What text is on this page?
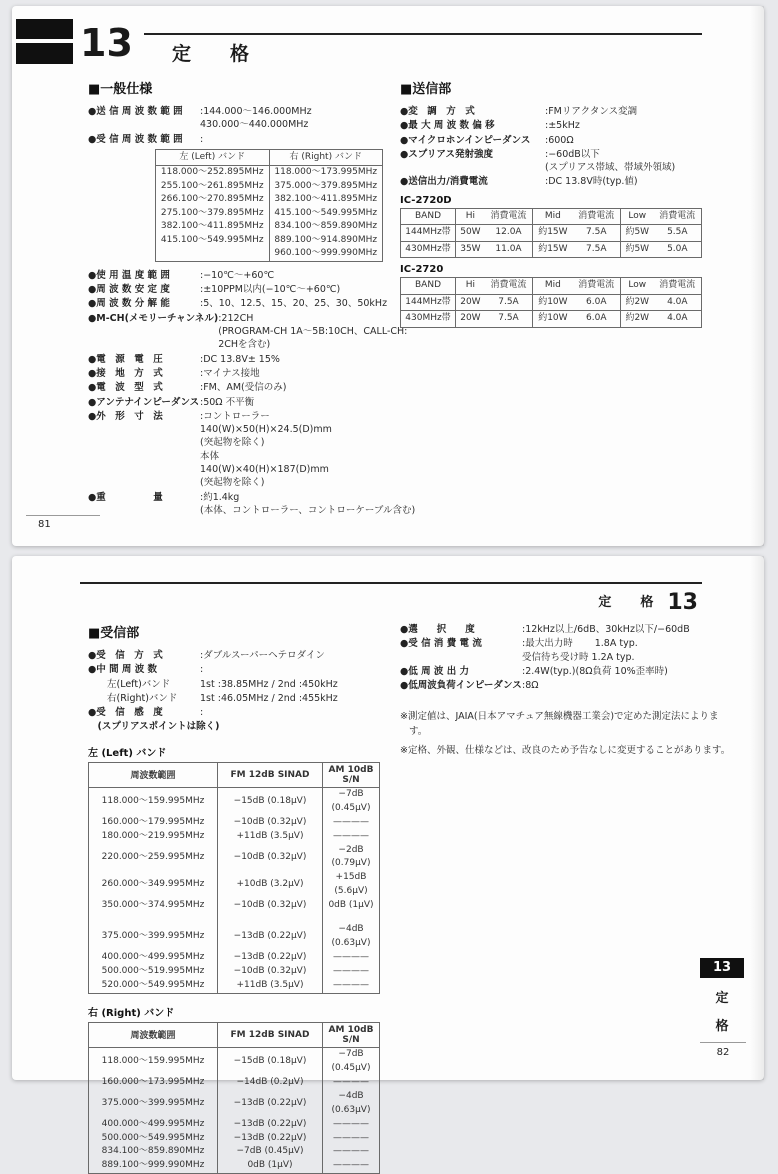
13 定　格
■一般仕様
●送 信 周 波 数 範 囲	:144.000〜146.000MHz
430.000〜440.000MHz
●受 信 周 波 数 範 囲	:
左 (Left) バンド	右 (Right) バンド
118.000〜252.895MHz	118.000〜173.995MHz
255.100〜261.895MHz	375.000〜379.895MHz
266.100〜270.895MHz	382.100〜411.895MHz
275.100〜379.895MHz	415.100〜549.995MHz
382.100〜411.895MHz	834.100〜859.890MHz
415.100〜549.995MHz	889.100〜914.890MHz
	960.100〜999.990MHz
●使 用 温 度 範 囲	:−10℃〜+60℃
●周 波 数 安 定 度	:±10PPM以内(−10℃〜+60℃)
●周 波 数 分 解 能	:5、10、12.5、15、20、25、30、50kHz
●M-CH(メモリーチャンネル) :212CH
(PROGRAM-CH 1A〜5B:10CH、CALL-CH:
2CHを含む)
●電　源　電　圧	:DC 13.8V± 15%
●接　地　方　式	:マイナス接地
●電　波　型　式	:FM、AM(受信のみ)
●アンテナインピーダンス :50Ω 不平衡
●外　形　寸　法	:コントローラー
140(W)×50(H)×24.5(D)mm
(突起物を除く)
本体
140(W)×40(H)×187(D)mm
(突起物を除く)
●重　　　　　量	:約1.4kg
(本体、コントローラー、コントローケーブル含む)
■送信部
●変　調　方　式	:FMリアクタンス変調
●最 大 周 波 数 偏 移	:±5kHz
●マイクロホンインピーダンス	:600Ω
●スプリアス発射強度	:−60dB以下
(スプリアス帯域、帯域外領域)
●送信出力/消費電流	:DC 13.8V時(typ.値)
IC-2720D
BAND	Hi	消費電流	Mid	消費電流	Low	消費電流
144MHz帯	50W	12.0A	約15W	7.5A	約5W	5.5A
430MHz帯	35W	11.0A	約15W	7.5A	約5W	5.0A
IC-2720
BAND	Hi	消費電流	Mid	消費電流	Low	消費電流
144MHz帯	20W	7.5A	約10W	6.0A	約2W	4.0A
430MHz帯	20W	7.5A	約10W	6.0A	約2W	4.0A
81
定　格 13
■受信部
●受　信　方　式	:ダブルスーパーヘテロダイン
●中 間 周 波 数	:
　　左(Left)バンド	1st :38.85MHz / 2nd :450kHz
　　右(Right)バンド	1st :46.05MHz / 2nd :455kHz
●受　信　感　度	:
　(スプリアスポイントは除く)
左 (Left) バンド
周波数範囲	FM 12dB SINAD	AM 10dB S/N
118.000〜159.995MHz	−15dB (0.18μV)	−7dB (0.45μV)
160.000〜179.995MHz	−10dB (0.32μV)	————
180.000〜219.995MHz	+11dB (3.5μV)	————
220.000〜259.995MHz	−10dB (0.32μV)	−2dB (0.79μV)
260.000〜349.995MHz	+10dB (3.2μV)	+15dB (5.6μV)
350.000〜374.995MHz	−10dB (0.32μV)	0dB (1μV)

375.000〜399.995MHz	−13dB (0.22μV)	−4dB (0.63μV)
400.000〜499.995MHz	−13dB (0.22μV)	————
500.000〜519.995MHz	−10dB (0.32μV)	————
520.000〜549.995MHz	+11dB (3.5μV)	————
右 (Right) バンド
周波数範囲	FM 12dB SINAD	AM 10dB S/N
118.000〜159.995MHz	−15dB (0.18μV)	−7dB (0.45μV)
160.000〜173.995MHz	−14dB (0.2μV)	————
375.000〜399.995MHz	−13dB (0.22μV)	−4dB (0.63μV)
400.000〜499.995MHz	−13dB (0.22μV)	————
500.000〜549.995MHz	−13dB (0.22μV)	————
834.100〜859.890MHz	−7dB (0.45μV)	————
889.100〜999.990MHz	0dB (1μV)	————
●選　　択　　度	:12kHz以上/6dB、30kHz以下/−60dB
●受 信 消 費 電 流	:最大出力時　　 1.8A typ.
受信待ち受け時 1.2A typ.
●低 周 波 出 力	:2.4W(typ.)(8Ω負荷 10%歪率時)
●低周波負荷インピーダンス :8Ω
※測定値は、JAIA(日本アマチュア無線機器工業会)で定めた測定法によります。
※定格、外観、仕様などは、改良のため予告なしに変更することがあります。
13
定
格
82
